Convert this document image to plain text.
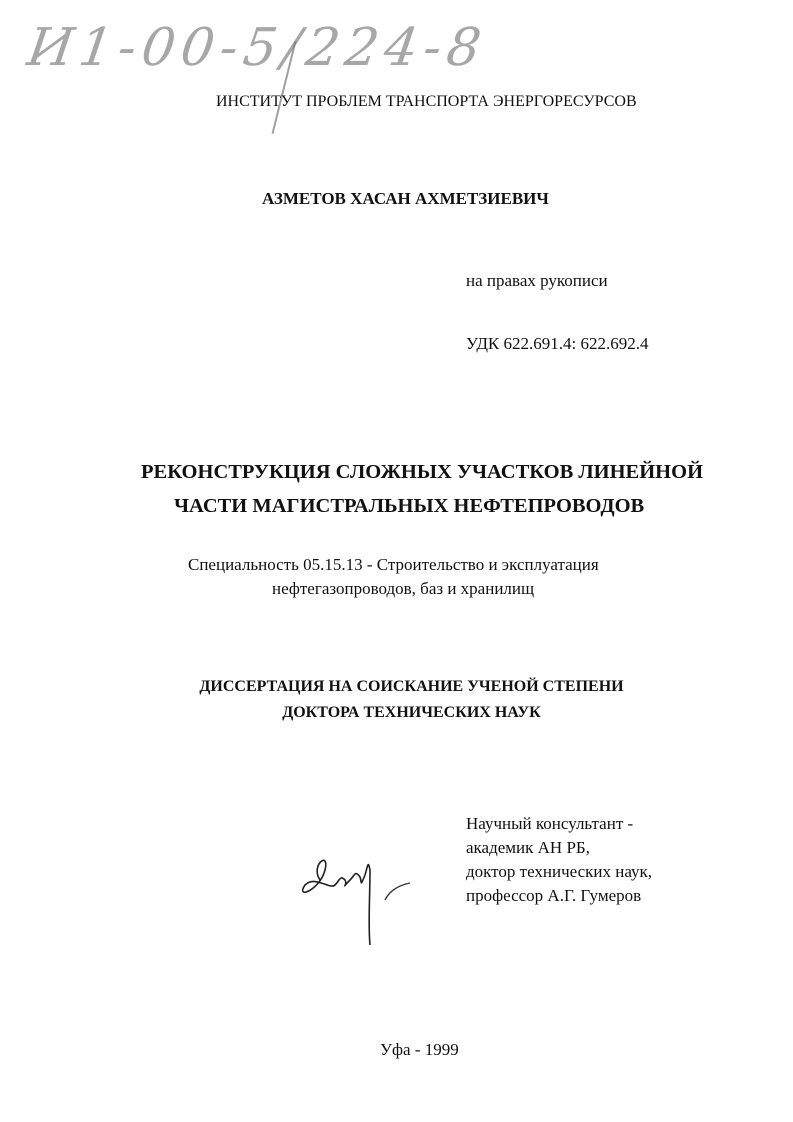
И1-00-5/224-8
ИНСТИТУТ ПРОБЛЕМ ТРАНСПОРТА ЭНЕРГОРЕСУРСОВ
АЗМЕТОВ ХАСАН АХМЕТЗИЕВИЧ
на правах рукописи
УДК 622.691.4: 622.692.4
РЕКОНСТРУКЦИЯ СЛОЖНЫХ УЧАСТКОВ ЛИНЕЙНОЙ
ЧАСТИ МАГИСТРАЛЬНЫХ НЕФТЕПРОВОДОВ
Специальность 05.15.13 - Строительство и эксплуатация
нефтегазопроводов, баз и хранилищ
ДИССЕРТАЦИЯ НА СОИСКАНИЕ УЧЕНОЙ СТЕПЕНИ
ДОКТОРА ТЕХНИЧЕСКИХ НАУК
Научный консультант -
академик АН РБ,
доктор технических наук,
профессор А.Г. Гумеров
Уфа - 1999
